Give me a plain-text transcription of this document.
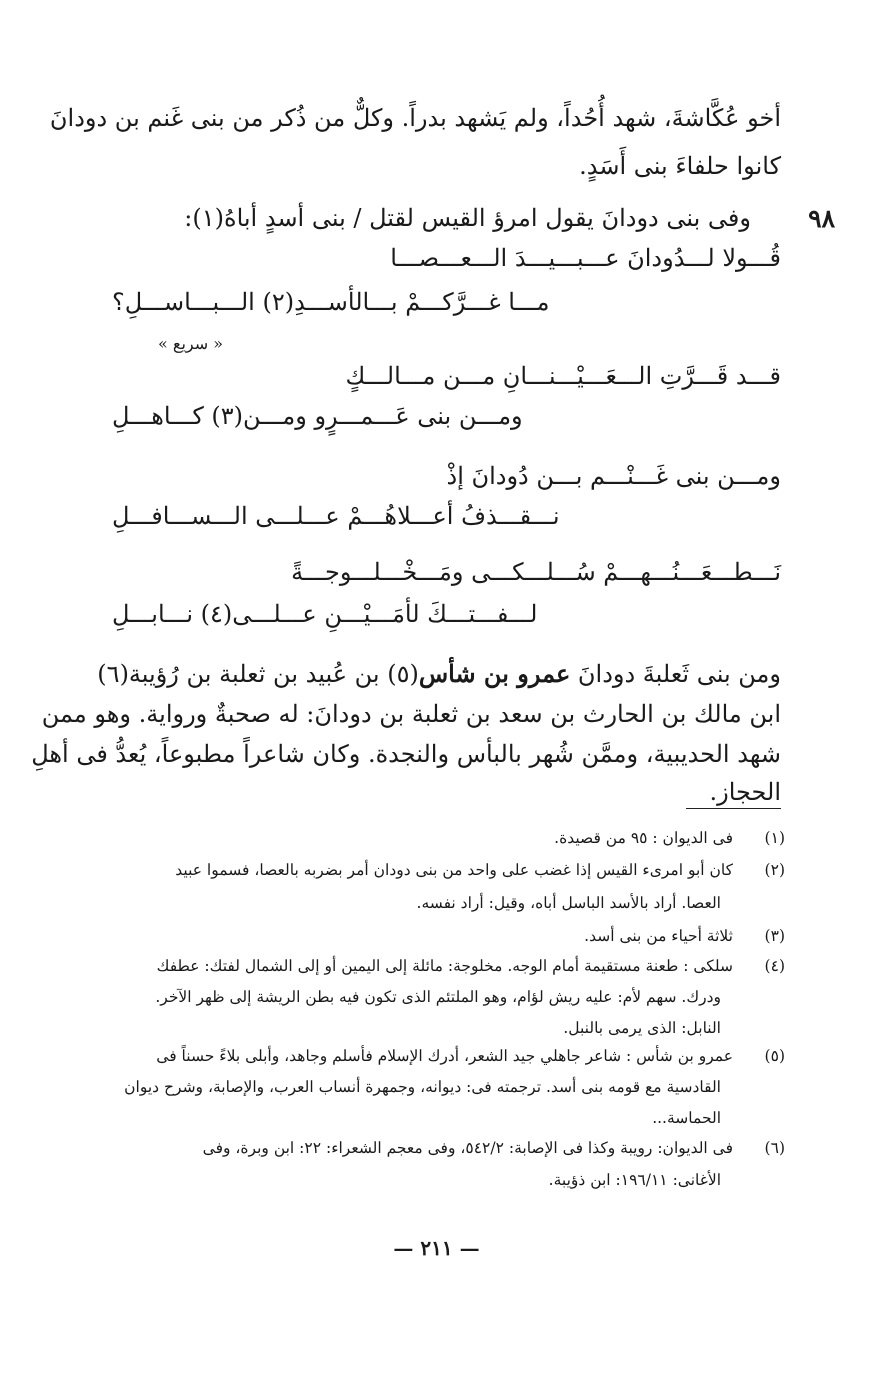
أخو عُكَّاشةَ، شهد أُحُداً، ولم يَشهد بدراً. وكلٌّ من ذُكر من بنى غَنم بن دودانَ
كانوا حلفاءَ بنى أَسَدٍ.
٩٨
وفى بنى دودانَ يقول امرؤ القيس لقتل / بنى أسدٍ أباهُ(١):
قُـــولا لـــدُودانَ عـــبـــيـــدَ الـــعـــصـــا
مـــا غـــرَّكـــمْ بـــالأســـدِ(٢) الـــبـــاســـلِ؟
« سريع »
قـــد قَـــرَّتِ الـــعَـــيْـــنـــانِ مـــن مـــالـــكٍ
ومـــن بنى عَـــمـــرٍو ومـــن(٣) كـــاهـــلِ
ومـــن بنى غَـــنْـــم بـــن دُودانَ إذْ
نـــقـــذفُ أعـــلاهُـــمْ عـــلـــى الـــســـافـــلِ
نَـــطـــعَـــنُـــهـــمْ سُـــلـــكـــى ومَـــخْـــلـــوجـــةً
لـــفـــتـــكَ لأمَـــيْـــنِ عـــلـــى(٤) نـــابـــلِ
ومن بنى ثَعلبةَ دودانَ عمرو بن شأس(٥) بن عُبيد بن ثعلبة بن رُؤيبة(٦)
ابن مالك بن الحارث بن سعد بن ثعلبة بن دودانَ: له صحبةٌ ورواية. وهو ممن
شهد الحديبية، وممَّن شُهر بالبأس والنجدة. وكان شاعراً مطبوعاً، يُعدُّ فى أهلِ
الحجاز.
(١)فى الديوان : ٩٥ من قصيدة.
(٢)كان أبو امرىء القيس إذا غضب على واحد من بنى دودان أمر بضربه بالعصا، فسموا عبيد
العصا. أراد بالأسد الباسل أباه، وقيل: أراد نفسه.
(٣)ثلاثة أحياء من بنى أسد.
(٤)سلكى : طعنة مستقيمة أمام الوجه. مخلوجة: مائلة إلى اليمين أو إلى الشمال لفتك: عطفك
ودرك. سهم لأم: عليه ريش لؤام، وهو الملتئم الذى تكون فيه بطن الريشة إلى ظهر الآخر.
النابل: الذى يرمى بالنبل.
(٥)عمرو بن شأس : شاعر جاهلي جيد الشعر، أدرك الإسلام فأسلم وجاهد، وأبلى بلاءً حسناً فى
القادسية مع قومه بنى أسد. ترجمته فى: ديوانه، وجمهرة أنساب العرب، والإصابة، وشرح ديوان
الحماسة...
(٦)فى الديوان: رويبة وكذا فى الإصابة: ٥٤٢/٢، وفى معجم الشعراء: ٢٢: ابن وبرة، وفى
الأغانى: ١٩٦/١١: ابن ذؤيبة.
— ٢١١ —
